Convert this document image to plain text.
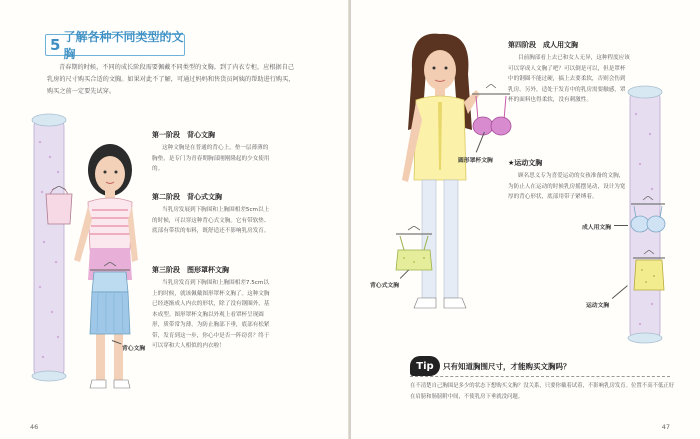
5 了解各种不同类型的文胸

青春期的时候，不同的成长阶段需要佩戴不同类型的文胸。到了内衣专柜，应根据自己乳房的尺寸购买合适的文胸。如果对此不了解，可通过妈妈和售货员阿姨的帮助进行购买，购买之前一定要先试穿。

背心文胸
第一阶段　背心文胸
这种文胸是在普通的背心上，垫一层薄薄的胸垫，是专门为青春期胸部刚刚隆起的少女使用的。
第二阶段　背心式文胸
当乳房发展到下胸围和上胸围相差5cm以上的时候，可以穿这种背心式文胸。它有带软垫、底部有带状的布料，既舒适还不影响乳房发育。
第三阶段　图形罩杯文胸
当乳房发育到下胸围和上胸围相差7.5cm以上的时候，就该佩戴图形罩杯文胸了。这种文胸已经逐渐成人内衣的形状，除了没有钢圈外，基本成型。图形罩杯文胸以外观上看罩杯呈现圆形，质带常为薄，为防止胸部下垂，底部有松紧带，发育到这一步，你心中是否一阵窃喜？终于可以穿和大人相似的内衣啦！
46	47
圆形罩杯文胸
背心式文胸
成人用文胸
运动文胸
第四阶段　成人用文胸
目前胸部看上去已和女人无异，这种程度应该可以穿成人文胸了吧？可以倒是可以，但是罩杯中的钢圈不能过硬，搞上去要柔软，否则会伤到乳房。另外，适处于发育中的乳房需要触感，罩杯的面料也得柔软，没有刺激性。
★运动文胸
顾名思义专为喜爱运动的女孩准备的文胸，为防止人在运动的时候乳房摇摆晃动，设计为宽厚的背心形状，底部用带子紧缚着。
Tip	只有知道胸围尺寸，才能购买文胸吗？
在不清楚自己胸围是多少的状态下想购买文胸？没关系，只要你戴着试着，不影响乳房发育。位置不高不低正好在肩膀和肠膀附中间，不使乳房下垂就没问题。
